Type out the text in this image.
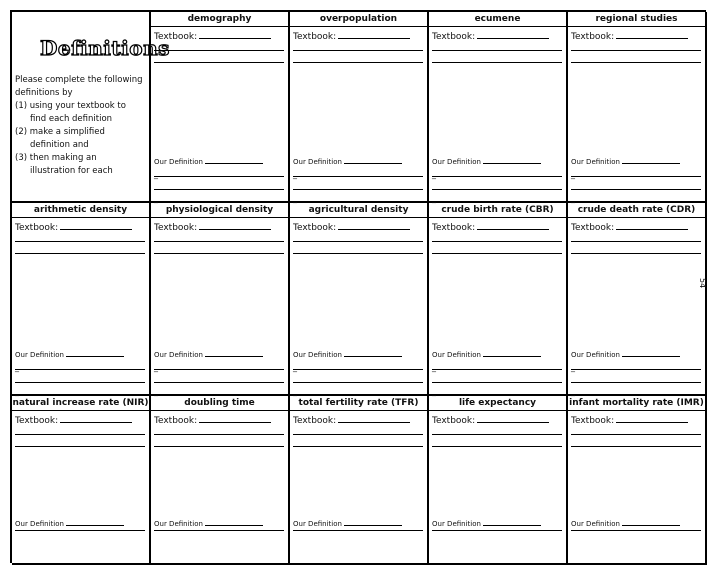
Definitions
Please complete the following
definitions by
(1) using your textbook to
find each definition
(2) make a simplified
definition and
(3) then making an
illustration for each
demography
Textbook:
Our Definition
_
_
overpopulation
Textbook:
Our Definition
_
_
ecumene
Textbook:
Our Definition
_
_
regional studies
Textbook:
Our Definition
_
_
arithmetic density
Textbook:
Our Definition
_
_
physiological density
Textbook:
Our Definition
_
_
agricultural density
Textbook:
Our Definition
_
_
crude birth rate (CBR)
Textbook:
Our Definition
_
_
crude death rate (CDR)
Textbook:
Our Definition
_
_
natural increase rate (NIR)
Textbook:
Our Definition
doubling time
Textbook:
Our Definition
total fertility rate (TFR)
Textbook:
Our Definition
life expectancy
Textbook:
Our Definition
infant mortality rate (IMR)
Textbook:
Our Definition
54
